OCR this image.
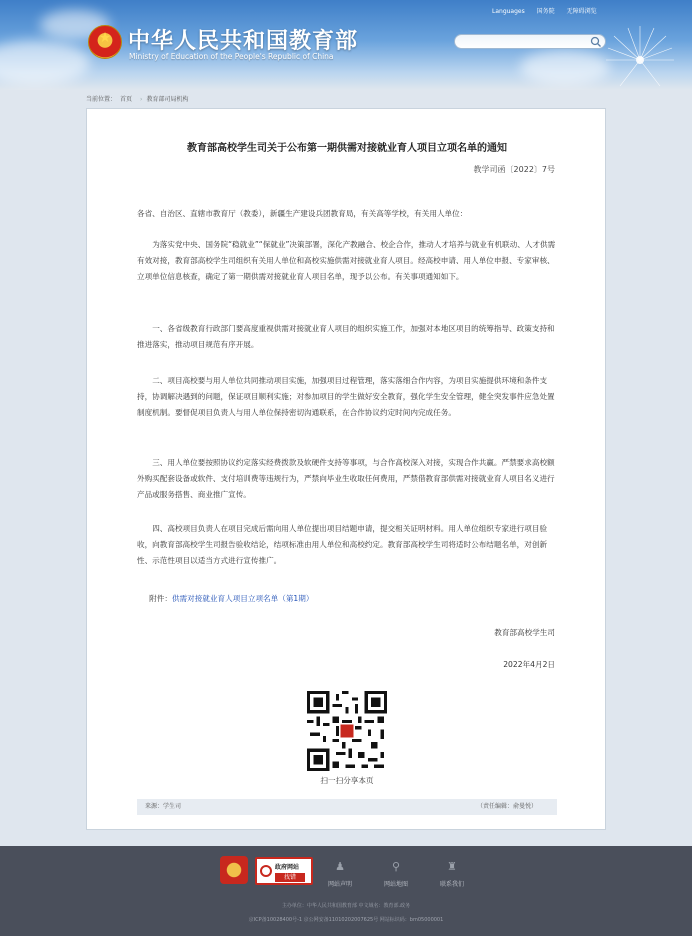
★
中华人民共和国教育部
Ministry of Education of the People's Republic of China
Languages 国务院 无障碍浏览
当前位置： 首页 › 教育部司局机构
教育部高校学生司关于公布第一期供需对接就业育人项目立项名单的通知
教学司函〔2022〕7号
各省、自治区、直辖市教育厅（教委），新疆生产建设兵团教育局，有关高等学校，有关用人单位：
为落实党中央、国务院“稳就业”“保就业”决策部署，深化产教融合、校企合作，推动人才培养与就业有机联动、人才供需有效对接，教育部高校学生司组织有关用人单位和高校实施供需对接就业育人项目。经高校申请、用人单位申报、专家审核、立项单位信息核查，确定了第一期供需对接就业育人项目名单，现予以公布。有关事项通知如下。
一、各省级教育行政部门要高度重视供需对接就业育人项目的组织实施工作，加强对本地区项目的统筹指导、政策支持和推进落实，推动项目规范有序开展。
二、项目高校要与用人单位共同推动项目实施，加强项目过程管理，落实落细合作内容，为项目实施提供环境和条件支持，协调解决遇到的问题，保证项目顺利实施；对参加项目的学生做好安全教育，强化学生安全管理，健全突发事件应急处置制度机制。要督促项目负责人与用人单位保持密切沟通联系，在合作协议约定时间内完成任务。
三、用人单位要按照协议约定落实经费拨款及软硬件支持等事项，与合作高校深入对接，实现合作共赢。严禁要求高校额外购买配套设备或软件、支付培训费等违规行为，严禁向毕业生收取任何费用，严禁借教育部供需对接就业育人项目名义进行产品或服务搭售、商业推广宣传。
四、高校项目负责人在项目完成后需向用人单位提出项目结题申请，提交相关证明材料。用人单位组织专家进行项目验收，向教育部高校学生司报告验收结论，结项标准由用人单位和高校约定。教育部高校学生司将适时公布结题名单，对创新性、示范性项目以适当方式进行宣传推广。
附件：供需对接就业育人项目立项名单（第1期）
教育部高校学生司
2022年4月2日
扫一扫分享本页
来源：学生司	（责任编辑：俞曼悦）
政府网站
找错
♟
网站声明
⚲
网站地图
♜
联系我们
主办单位：中华人民共和国教育部 中文域名：教育部.政务
京ICP备10028400号-1 京公网安备11010202007625号 网站标识码：bm05000001
